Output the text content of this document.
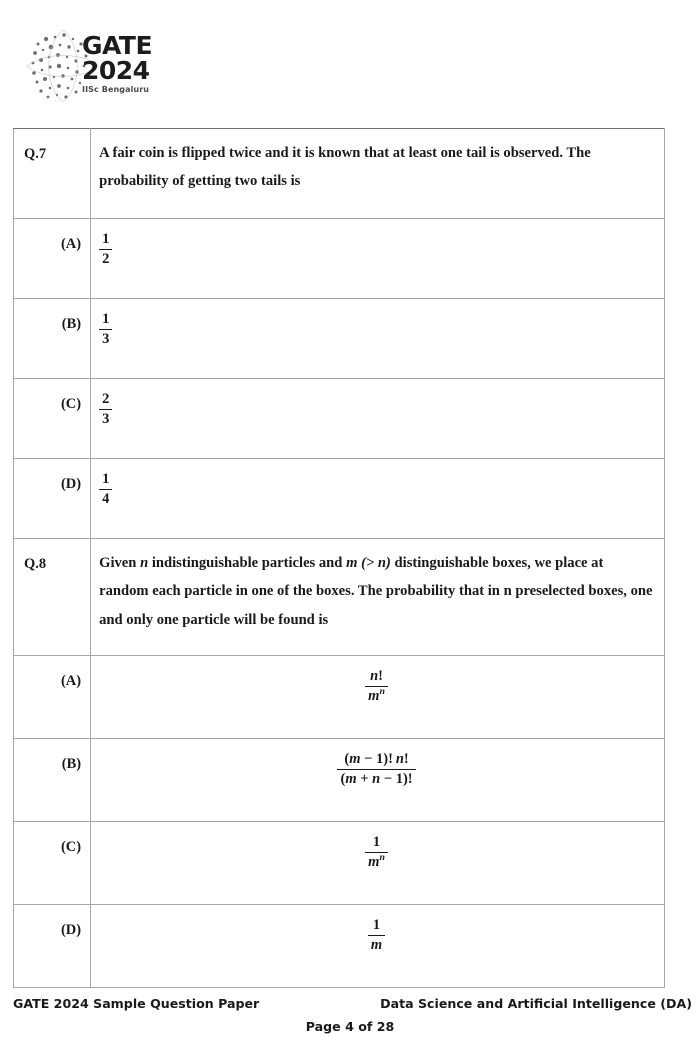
GATE
2024
IISc Bengaluru
Q.7	A fair coin is flipped twice and it is known that at least one tail is observed. The probability of getting two tails is

(A)	$\frac{1}{2}$

(B)	$\frac{1}{3}$

(C)	$\frac{2}{3}$

(D)	$\frac{1}{4}$

Q.8	Given n indistinguishable particles and m (> n) distinguishable boxes, we place at random each particle in one of the boxes. The probability that in n preselected boxes, one and only one particle will be found is

(A)	$\frac{n!}{m^n}$

(B)	$\frac{(m - 1)! n!}{(m + n - 1)!}$

(C)	$\frac{1}{m^n}$

(D)	$\frac{1}{m}$
GATE 2024 Sample Question Paper	Data Science and Artificial Intelligence (DA)
Page 4 of 28
